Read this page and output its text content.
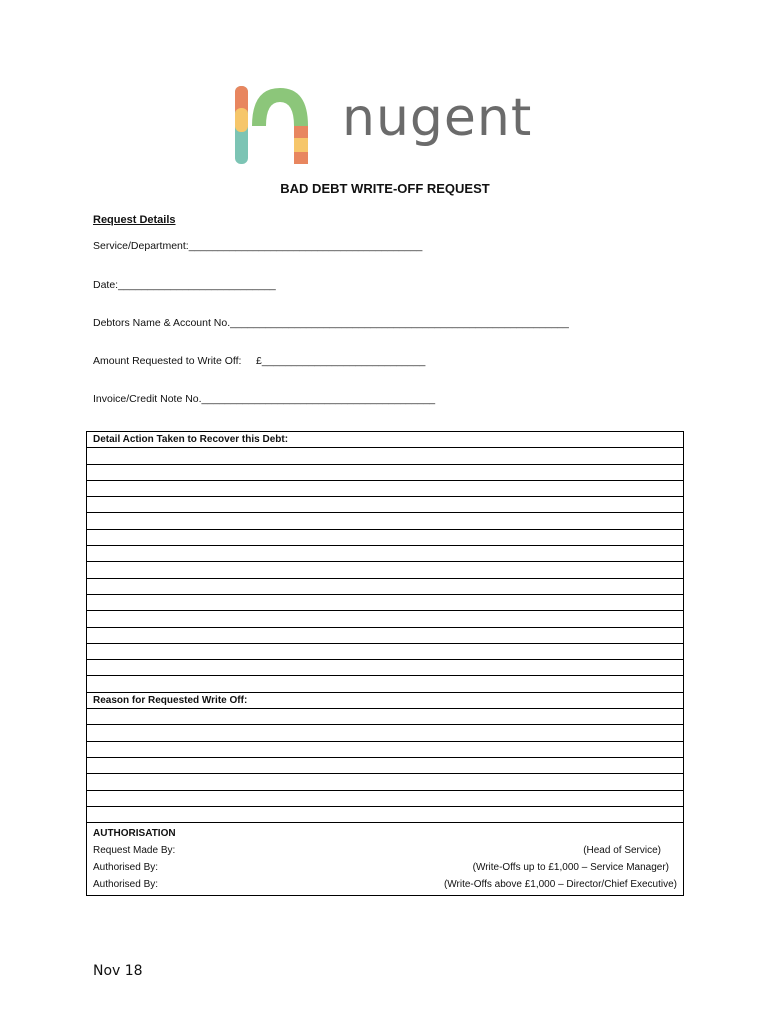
nugent
BAD DEBT WRITE-OFF REQUEST
Request Details
Service/Department:________________________________________
Date:___________________________
Debtors Name & Account No.__________________________________________________________
Amount Requested to Write Off:     £____________________________
Invoice/Credit Note No.________________________________________
Detail Action Taken to Recover this Debt:
Reason for Requested Write Off:
AUTHORISATION
Request Made By:	(Head of Service)
Authorised By:	(Write-Offs up to £1,000 – Service Manager)
Authorised By:	(Write-Offs above £1,000 – Director/Chief Executive)
Nov 18
